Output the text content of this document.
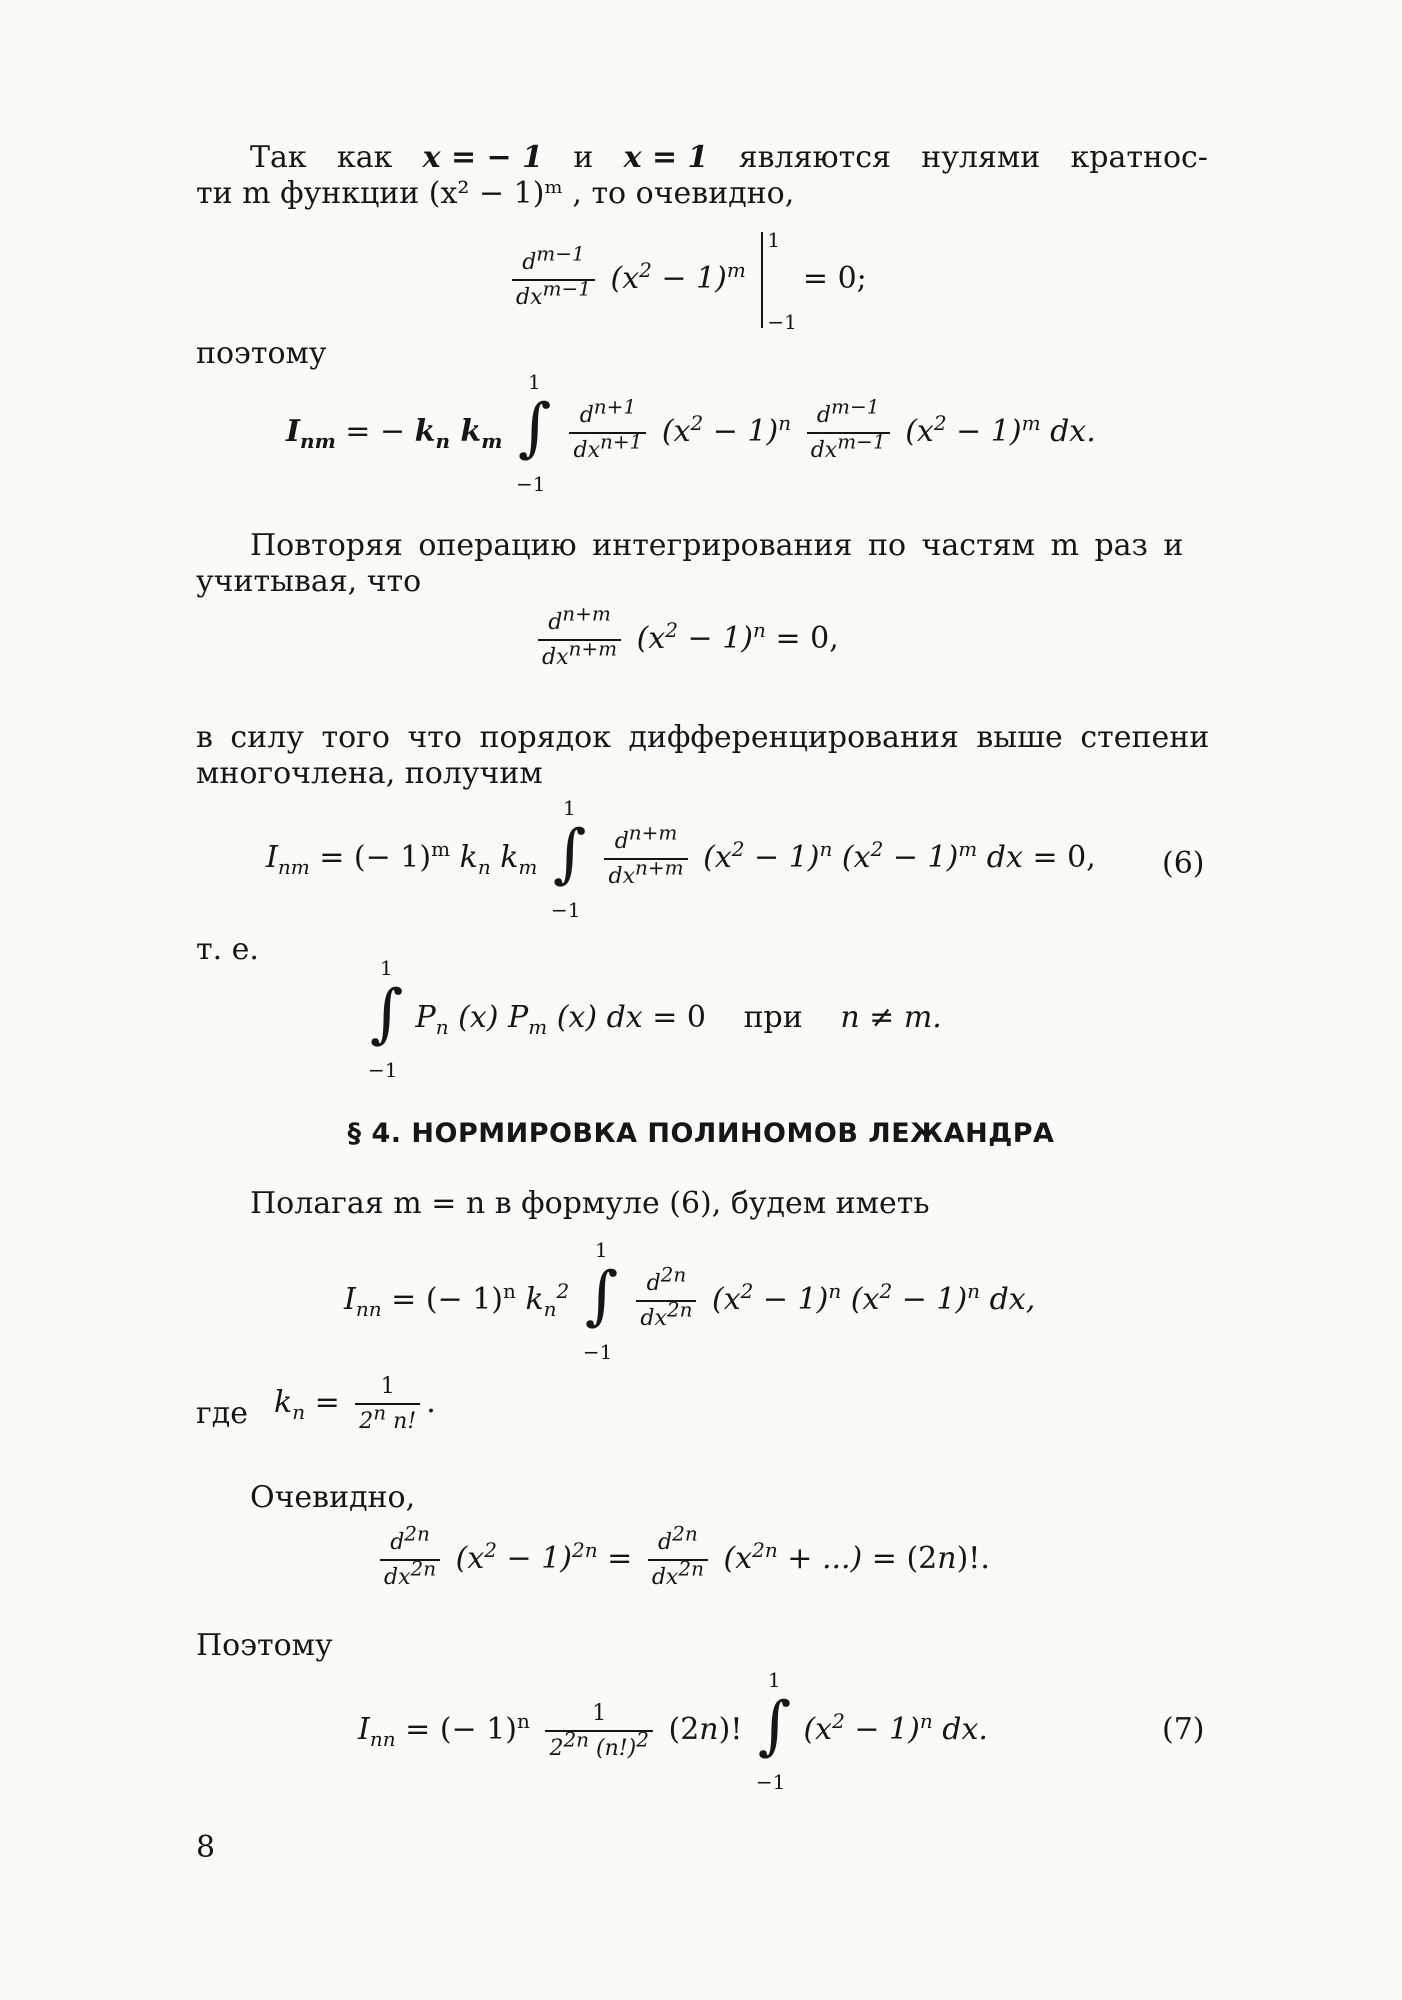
Так как x = − 1 и x = 1 являются нулями кратнос-
ти m функции (x² − 1)ᵐ , то очевидно,
$\frac{d^{m-1}}{dx^{m-1}} (x^2 - 1)^m$
1
−1
= 0;
поэтому
$I_{nm}$ = − $k_n$ $k_m$
1
∫
−1

$\frac{d^{n+1}}{dx^{n+1}} (x^2 - 1)^n \frac{d^{m-1}}{dx^{m-1}} (x^2 - 1)^m$ dx.
Повторяя операцию интегрирования по частям m раз и
учитывая, что
$\frac{d^{n+m}}{dx^{n+m}} (x^2 - 1)^n = 0$,
в силу того что порядок дифференцирования выше степени
многочлена, получим
$I_{nm}$ = (− 1)$^m$ $k_n$ $k_m$
1
∫
−1

$\frac{d^{n+m}}{dx^{n+m}} (x^2 - 1)^n$ $(x^2 - 1)^m$ dx = 0, (6)
т. е.
1
∫
−1
$P_n$ (x) $P_m$ (x) dx = 0 при n ≠ m.
§ 4. НОРМИРОВКА ПОЛИНОМОВ ЛЕЖАНДРА
Полагая m = n в формуле (6), будем иметь
$I_{nn}$ = (− 1)$^n$ $k_n^2$
1
∫
−1

$\frac{d^{2n}}{dx^{2n}} (x^2 - 1)^n$ $(x^2 - 1)^n$ dx,
где $k_n = \frac{1}{2^n n!}$ .
Очевидно,
$\frac{d^{2n}}{dx^{2n}} (x^2 - 1)^{2n} = \frac{d^{2n}}{dx^{2n}} (x^{2n}$ + ...) = (2n)!.
Поэтому
$I_{nn}$ = (− $1)^n \frac{1}{2^{2n} (n!)^2} (2n)$!
1
∫
−1
$(x^2 - 1)^n$ dx.	(7)
8
